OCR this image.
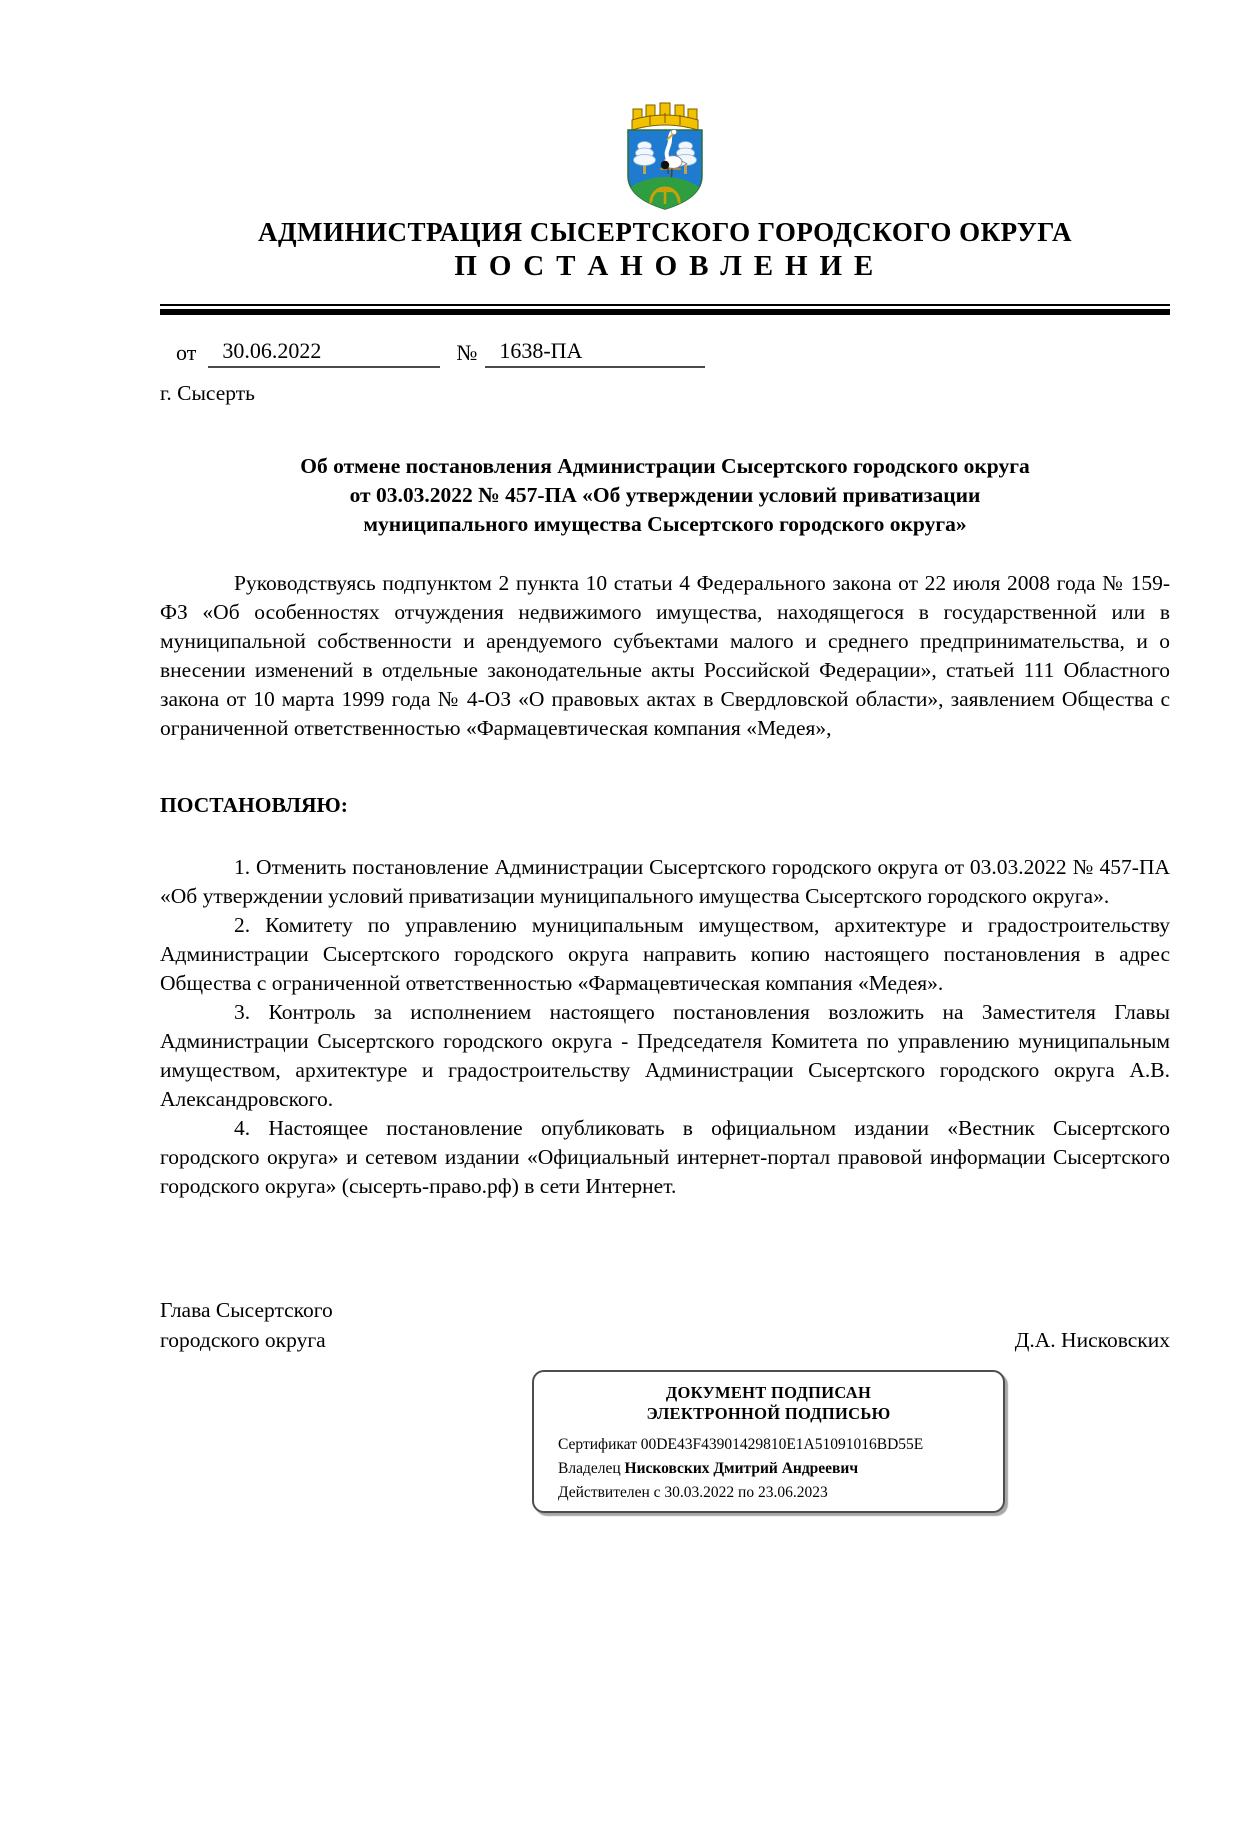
АДМИНИСТРАЦИЯ СЫСЕРТСКОГО ГОРОДСКОГО ОКРУГА
П О С Т А Н О В Л Е Н И Е
от 30.06.2022	№ 1638-ПА
г. Сысерть
Об отмене постановления Администрации Сысертского городского округа
от 03.03.2022 № 457-ПА «Об утверждении условий приватизации
муниципального имущества Сысертского городского округа»

Руководствуясь подпунктом 2 пункта 10 статьи 4 Федерального закона от 22 июля 2008 года № 159-ФЗ «Об особенностях отчуждения недвижимого имущества, находящегося в государственной или в муниципальной собственности и арендуемого субъектами малого и среднего предпринимательства, и о внесении изменений в отдельные законодательные акты Российской Федерации», статьей 111 Областного закона от 10 марта 1999 года № 4-ОЗ «О правовых актах в Свердловской области», заявлением Общества с ограниченной ответственностью «Фармацевтическая компания «Медея»,

ПОСТАНОВЛЯЮ:

1. Отменить постановление Администрации Сысертского городского округа от 03.03.2022 № 457-ПА «Об утверждении условий приватизации муниципального имущества Сысертского городского округа».

2. Комитету по управлению муниципальным имуществом, архитектуре и градостроительству Администрации Сысертского городского округа направить копию настоящего постановления в адрес Общества с ограниченной ответственностью «Фармацевтическая компания «Медея».

3. Контроль за исполнением настоящего постановления возложить на Заместителя Главы Администрации Сысертского городского округа - Председателя Комитета по управлению муниципальным имуществом, архитектуре и градостроительству Администрации Сысертского городского округа А.В. Александровского.

4. Настоящее постановление опубликовать в официальном издании «Вестник Сысертского городского округа» и сетевом издании «Официальный интернет-портал правовой информации Сысертского городского округа» (сысерть-право.рф) в сети Интернет.

Глава Сысертского
городского округа	Д.А. Нисковских
ДОКУМЕНТ ПОДПИСАН
ЭЛЕКТРОННОЙ ПОДПИСЬЮ
Сертификат 00DE43F43901429810E1A51091016BD55E
Владелец Нисковских Дмитрий Андреевич
Действителен с 30.03.2022 по 23.06.2023
